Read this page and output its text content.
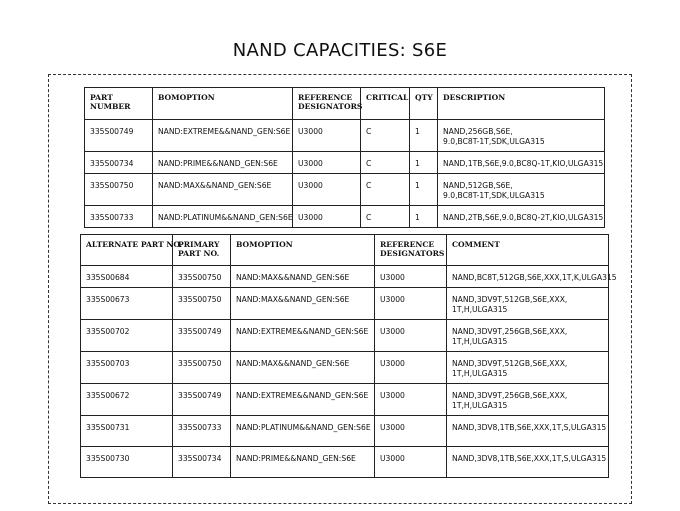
NAND CAPACITIES: S6E
PART NUMBER	BOMOPTION	REFERENCE DESIGNATORS	CRITICAL	QTY	DESCRIPTION
335S00749	NAND:EXTREME&&NAND_GEN:S6E	U3000	C	1	NAND,256GB,S6E,
9.0,BC8T-1T,SDK,ULGA315
335S00734	NAND:PRIME&&NAND_GEN:S6E	U3000	C	1	NAND,1TB,S6E,9.0,BC8Q-1T,KIO,ULGA315
335S00750	NAND:MAX&&NAND_GEN:S6E	U3000	C	1	NAND,512GB,S6E,
9.0,BC8T-1T,SDK,ULGA315
335S00733	NAND:PLATINUM&&NAND_GEN:S6E	U3000	C	1	NAND,2TB,S6E,9.0,BC8Q-2T,KIO,ULGA315
ALTERNATE PART NO.	PRIMARY PART NO.	BOMOPTION	REFERENCE DESIGNATORS	COMMENT
335S00684	335S00750	NAND:MAX&&NAND_GEN:S6E	U3000	NAND,BC8T,512GB,S6E,XXX,1T,K,ULGA315
335S00673	335S00750	NAND:MAX&&NAND_GEN:S6E	U3000	NAND,3DV9T,512GB,S6E,XXX,
1T,H,ULGA315
335S00702	335S00749	NAND:EXTREME&&NAND_GEN:S6E	U3000	NAND,3DV9T,256GB,S6E,XXX,
1T,H,ULGA315
335S00703	335S00750	NAND:MAX&&NAND_GEN:S6E	U3000	NAND,3DV9T,512GB,S6E,XXX,
1T,H,ULGA315
335S00672	335S00749	NAND:EXTREME&&NAND_GEN:S6E	U3000	NAND,3DV9T,256GB,S6E,XXX,
1T,H,ULGA315
335S00731	335S00733	NAND:PLATINUM&&NAND_GEN:S6E	U3000	NAND,3DV8,1TB,S6E,XXX,1T,S,ULGA315
335S00730	335S00734	NAND:PRIME&&NAND_GEN:S6E	U3000	NAND,3DV8,1TB,S6E,XXX,1T,S,ULGA315
